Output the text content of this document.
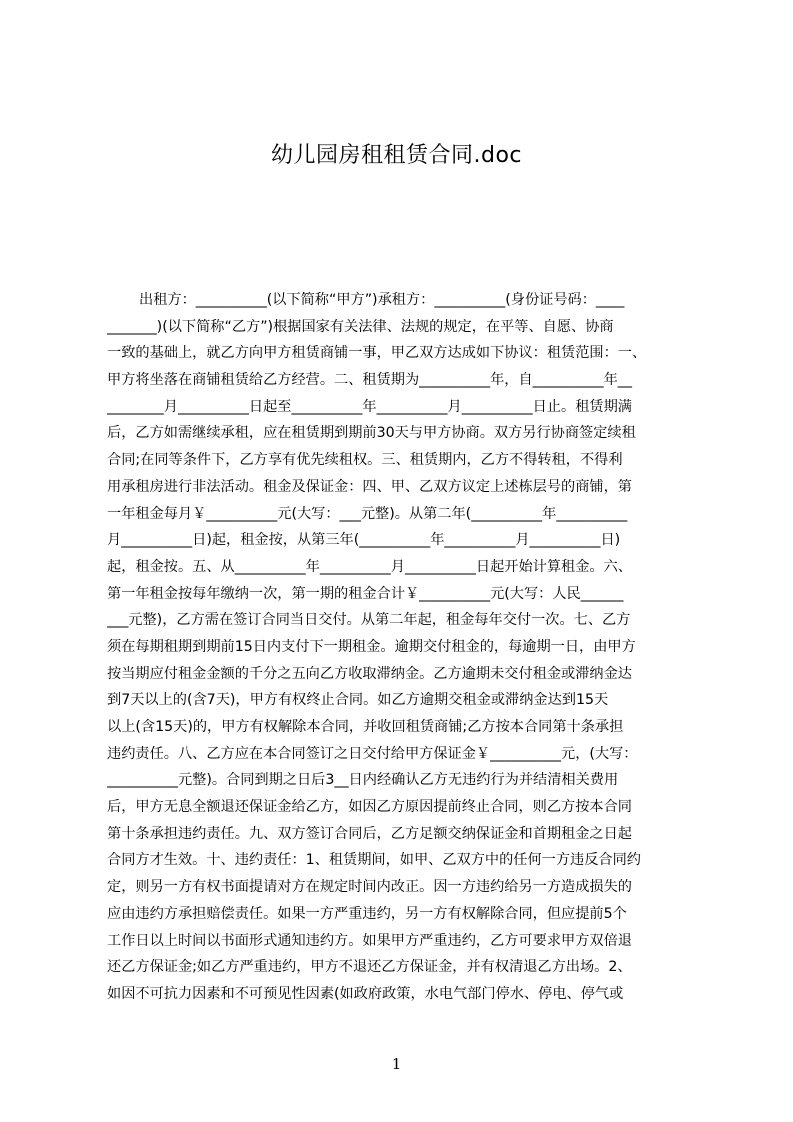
幼儿园房租租赁合同.doc
出租方：__________(以下简称“甲方”)承租方：__________(身份证号码：____
_______)(以下简称“乙方”)根据国家有关法律、法规的规定，在平等、自愿、协商
一致的基础上，就乙方向甲方租赁商铺一事，甲乙双方达成如下协议：租赁范围：一、
甲方将坐落在商铺租赁给乙方经营。二、租赁期为__________年，自__________年__
________月__________日起至__________年__________月__________日止。租赁期满
后，乙方如需继续承租，应在租赁期到期前30天与甲方协商。双方另行协商签定续租
合同;在同等条件下，乙方享有优先续租权。三、租赁期内，乙方不得转租，不得利
用承租房进行非法活动。租金及保证金：四、甲、乙双方议定上述栋层号的商铺，第
一年租金每月￥__________元(大写：___元整)。从第二年(__________年__________
月__________日)起，租金按，从第三年(__________年__________月__________日)
起，租金按。五、从__________年__________月__________日起开始计算租金。六、
第一年租金按每年缴纳一次，第一期的租金合计￥__________元(大写：人民______
___元整)，乙方需在签订合同当日交付。从第二年起，租金每年交付一次。七、乙方
须在每期租期到期前15日内支付下一期租金。逾期交付租金的，每逾期一日，由甲方
按当期应付租金金额的千分之五向乙方收取滞纳金。乙方逾期未交付租金或滞纳金达
到7天以上的(含7天)，甲方有权终止合同。如乙方逾期交租金或滞纳金达到15天
以上(含15天)的，甲方有权解除本合同，并收回租赁商铺;乙方按本合同第十条承担
违约责任。八、乙方应在本合同签订之日交付给甲方保证金￥__________元，(大写：
__________元整)。合同到期之日后3__日内经确认乙方无违约行为并结清相关费用
后，甲方无息全额退还保证金给乙方，如因乙方原因提前终止合同，则乙方按本合同
第十条承担违约责任。九、双方签订合同后，乙方足额交纳保证金和首期租金之日起
合同方才生效。十、违约责任：1、租赁期间，如甲、乙双方中的任何一方违反合同约
定，则另一方有权书面提请对方在规定时间内改正。因一方违约给另一方造成损失的
应由违约方承担赔偿责任。如果一方严重违约，另一方有权解除合同，但应提前5个
工作日以上时间以书面形式通知违约方。如果甲方严重违约，乙方可要求甲方双倍退
还乙方保证金;如乙方严重违约，甲方不退还乙方保证金，并有权清退乙方出场。2、
如因不可抗力因素和不可预见性因素(如政府政策，水电气部门停水、停电、停气或
1
